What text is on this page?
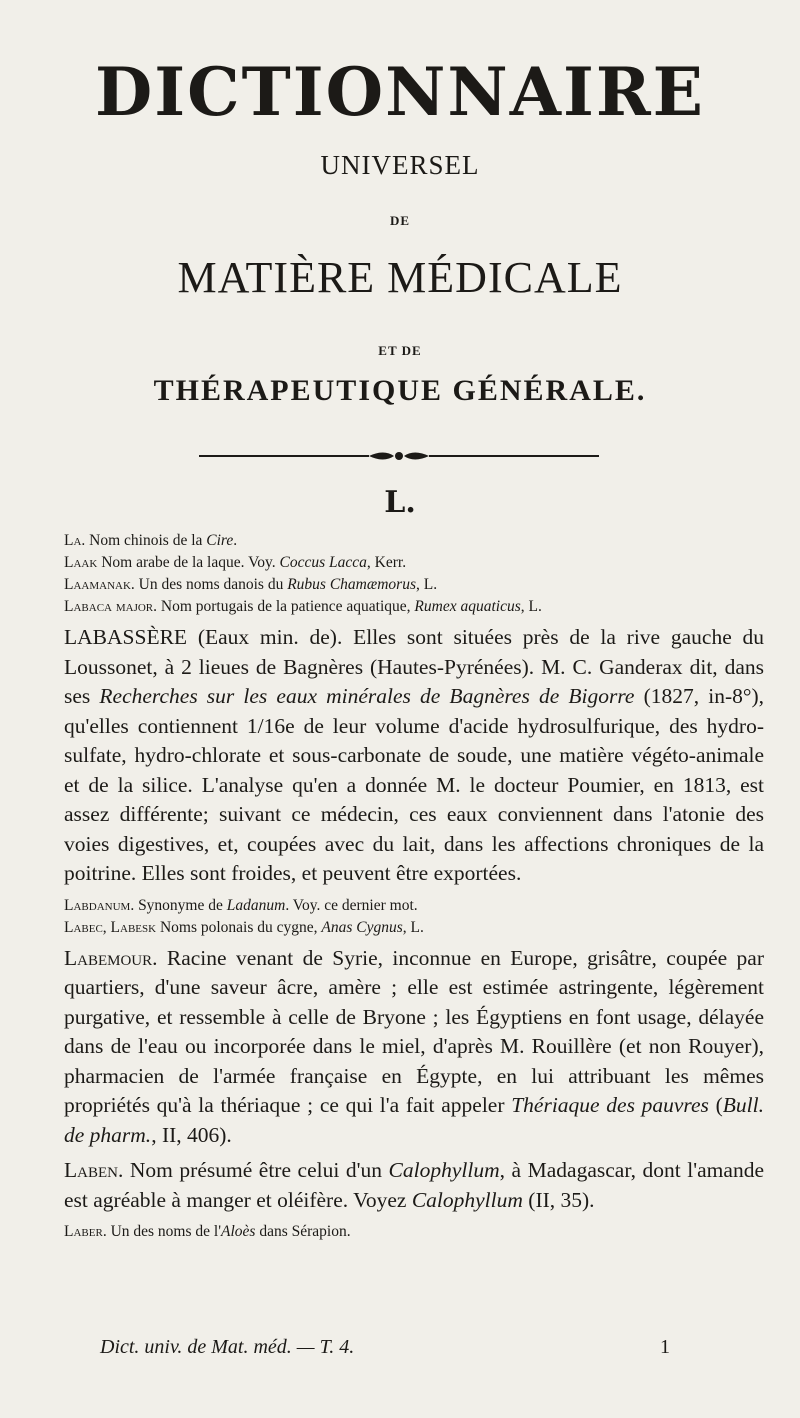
DICTIONNAIRE
UNIVERSEL
DE
MATIÈRE MÉDICALE
ET DE
THÉRAPEUTIQUE GÉNÉRALE.
L.

La. Nom chinois de la Cire.

Laak Nom arabe de la laque. Voy. Coccus Lacca, Kerr.

Laamanak. Un des noms danois du Rubus Chamæmorus, L.

Labaca major. Nom portugais de la patience aquatique, Rumex aquaticus, L.

LABASSÈRE (Eaux min. de). Elles sont situées près de la rive gauche du Loussonet, à 2 lieues de Bagnères (Hautes-Pyrénées). M. C. Ganderax dit, dans ses Recherches sur les eaux minérales de Bagnères de Bigorre (1827, in-8°), qu'elles contiennent 1/16e de leur volume d'acide hydrosulfurique, des hydro-sulfate, hydro-chlorate et sous-carbonate de soude, une matière végéto-animale et de la silice. L'analyse qu'en a donnée M. le docteur Poumier, en 1813, est assez différente; suivant ce médecin, ces eaux conviennent dans l'atonie des voies digestives, et, coupées avec du lait, dans les affections chroniques de la poitrine. Elles sont froides, et peuvent être exportées.

Labdanum. Synonyme de Ladanum. Voy. ce dernier mot.

Labec, Labesk Noms polonais du cygne, Anas Cygnus, L.

Labemour. Racine venant de Syrie, inconnue en Europe, grisâtre, coupée par quartiers, d'une saveur âcre, amère ; elle est estimée astringente, légèrement purgative, et ressemble à celle de Bryone ; les Égyptiens en font usage, délayée dans de l'eau ou incorporée dans le miel, d'après M. Rouillère (et non Rouyer), pharmacien de l'armée française en Égypte, en lui attribuant les mêmes propriétés qu'à la thériaque ; ce qui l'a fait appeler Thériaque des pauvres (Bull. de pharm., II, 406).

Laben. Nom présumé être celui d'un Calophyllum, à Madagascar, dont l'amande est agréable à manger et oléifère. Voyez Calophyllum (II, 35).

Laber. Un des noms de l'Aloès dans Sérapion.

Dict. univ. de Mat. méd. — T. 4.	1
